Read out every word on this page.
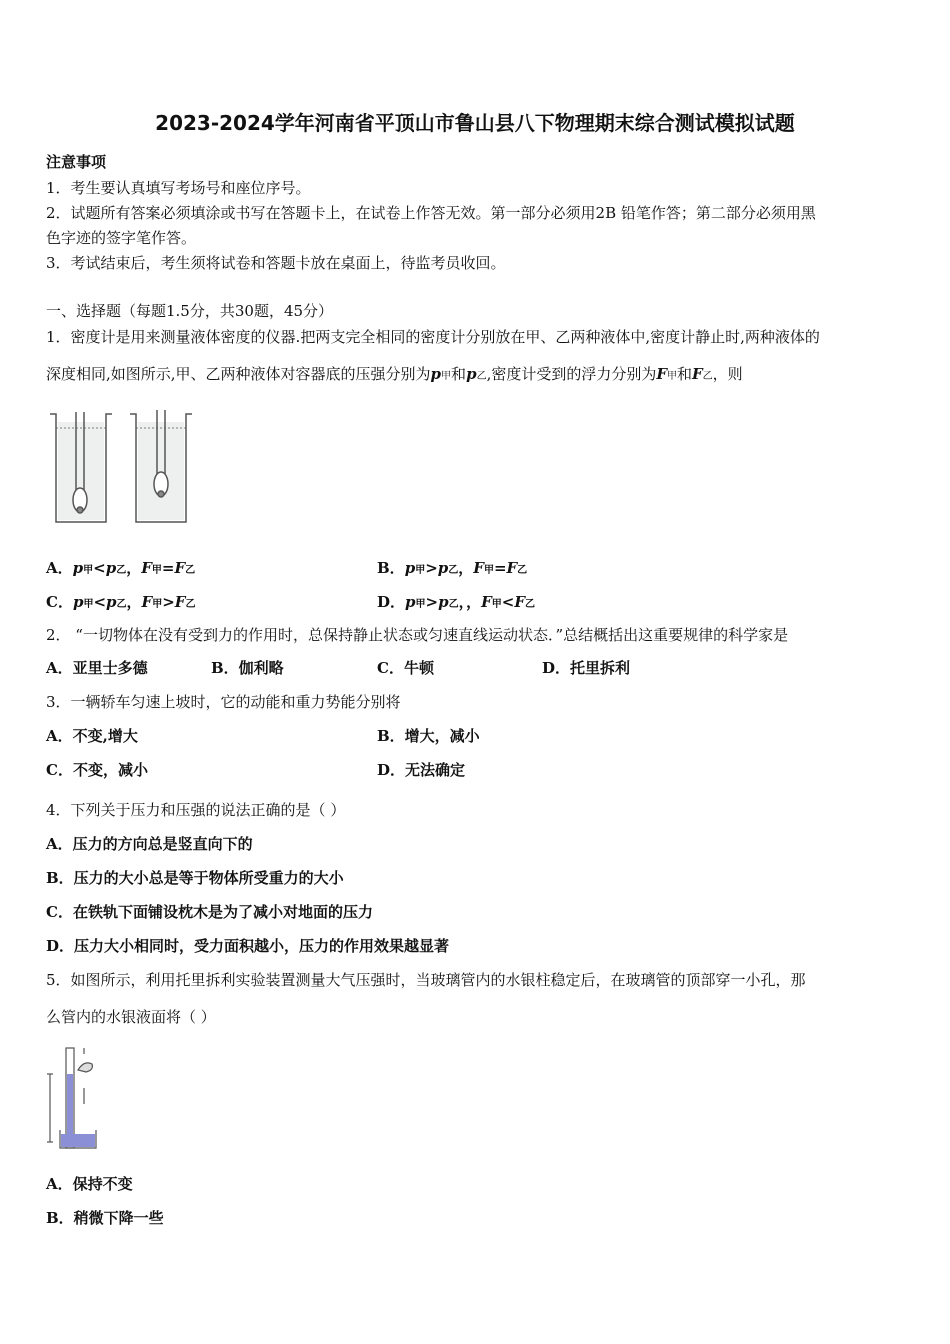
2023-2024学年河南省平顶山市鲁山县八下物理期末综合测试模拟试题
注意事项
1．考生要认真填写考场号和座位序号。
2．试题所有答案必须填涂或书写在答题卡上，在试卷上作答无效。第一部分必须用2B 铅笔作答；第二部分必须用黑
色字迹的签字笔作答。
3．考试结束后，考生须将试卷和答题卡放在桌面上，待监考员收回。
一、选择题（每题1.5分，共30题，45分）
1．密度计是用来测量液体密度的仪器.把两支完全相同的密度计分别放在甲、乙两种液体中,密度计静止时,两种液体的
深度相同,如图所示,甲、乙两种液体对容器底的压强分别为p甲和p乙,密度计受到的浮力分别为F甲和F乙，则
A．p甲<p乙，F甲=F乙	B．p甲>p乙，F甲=F乙
C．p甲<p乙，F甲>F乙	D．p甲>p乙，，F甲<F乙
2． “一切物体在没有受到力的作用时，总保持静止状态或匀速直线运动状态．”总结概括出这重要规律的科学家是
A．亚里士多德	B．伽利略	C．牛顿	D．托里拆利
3．一辆轿车匀速上坡时，它的动能和重力势能分别将
A．不变,增大	B．增大，减小
C．不变，减小	D．无法确定
4．下列关于压力和压强的说法正确的是（ ）
A．压力的方向总是竖直向下的
B．压力的大小总是等于物体所受重力的大小
C．在铁轨下面铺设枕木是为了减小对地面的压力
D．压力大小相同时，受力面积越小，压力的作用效果越显著
5．如图所示，利用托里拆利实验装置测量大气压强时，当玻璃管内的水银柱稳定后，在玻璃管的顶部穿一小孔，那
么管内的水银液面将（ ）
A．保持不变
B．稍微下降一些
